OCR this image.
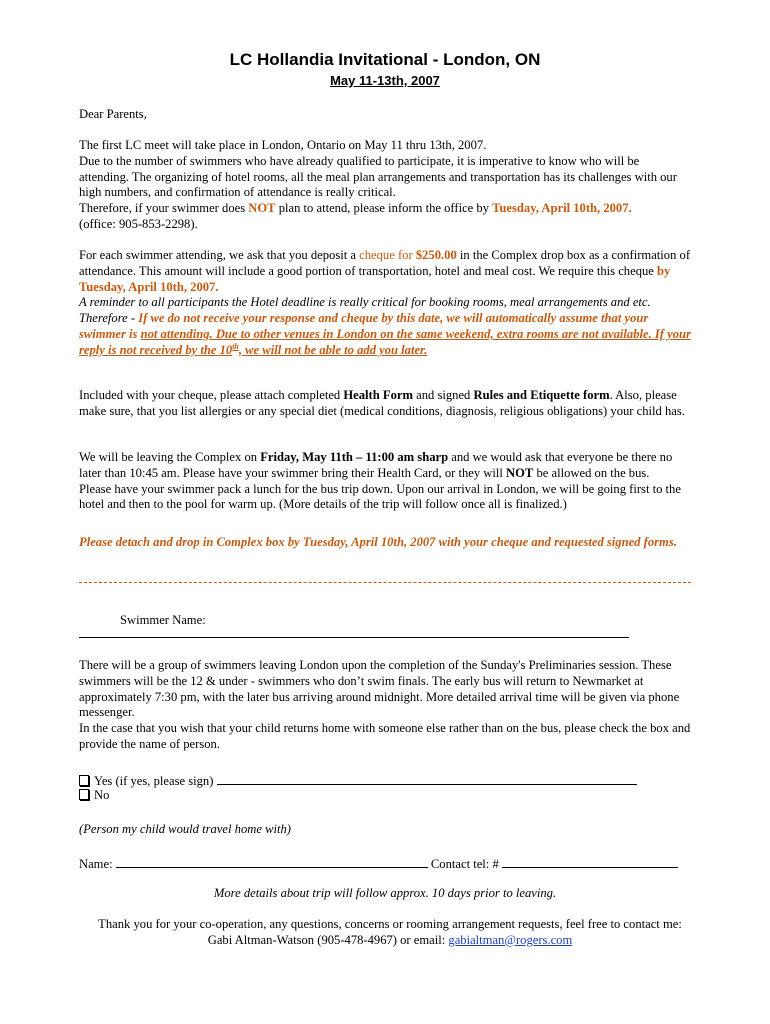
LC Hollandia Invitational - London, ON
May 11-13th, 2007

Dear Parents,

The first LC meet will take place in London, Ontario on May 11 thru 13th, 2007.
Due to the number of swimmers who have already qualified to participate, it is imperative to know who will be attending. The organizing of hotel rooms, all the meal plan arrangements and transportation has its challenges with our high numbers, and confirmation of attendance is really critical.
Therefore, if your swimmer does NOT plan to attend, please inform the office by Tuesday, April 10th, 2007.
(office: 905-853-2298).

For each swimmer attending, we ask that you deposit a cheque for $250.00 in the Complex drop box as a confirmation of attendance. This amount will include a good portion of transportation, hotel and meal cost. We require this cheque by Tuesday, April 10th, 2007.
A reminder to all participants the Hotel deadline is really critical for booking rooms, meal arrangements and etc. Therefore - If we do not receive your response and cheque by this date, we will automatically assume that your swimmer is not attending. Due to other venues in London on the same weekend, extra rooms are not available. If your reply is not received by the 10th, we will not be able to add you later.

Included with your cheque, please attach completed Health Form and signed Rules and Etiquette form. Also, please make sure, that you list allergies or any special diet (medical conditions, diagnosis, religious obligations) your child has.

We will be leaving the Complex on Friday, May 11th – 11:00 am sharp and we would ask that everyone be there no later than 10:45 am. Please have your swimmer bring their Health Card, or they will NOT be allowed on the bus.
Please have your swimmer pack a lunch for the bus trip down. Upon our arrival in London, we will be going first to the hotel and then to the pool for warm up. (More details of the trip will follow once all is finalized.)

Please detach and drop in Complex box by Tuesday, April 10th, 2007 with your cheque and requested signed forms.

Swimmer Name:

There will be a group of swimmers leaving London upon the completion of the Sunday's Preliminaries session. These swimmers will be the 12 & under - swimmers who don’t swim finals. The early bus will return to Newmarket at approximately 7:30 pm, with the later bus arriving around midnight. More detailed arrival time will be given via phone messenger.
In the case that you wish that your child returns home with someone else rather than on the bus, please check the box and provide the name of person.

Yes (if yes, please sign)

No

(Person my child would travel home with)

Name:	Contact tel: #

More details about trip will follow approx. 10 days prior to leaving.

Thank you for your co-operation, any questions, concerns or rooming arrangement requests, feel free to contact me:
Gabi Altman-Watson (905-478-4967) or email: gabialtman@rogers.com
